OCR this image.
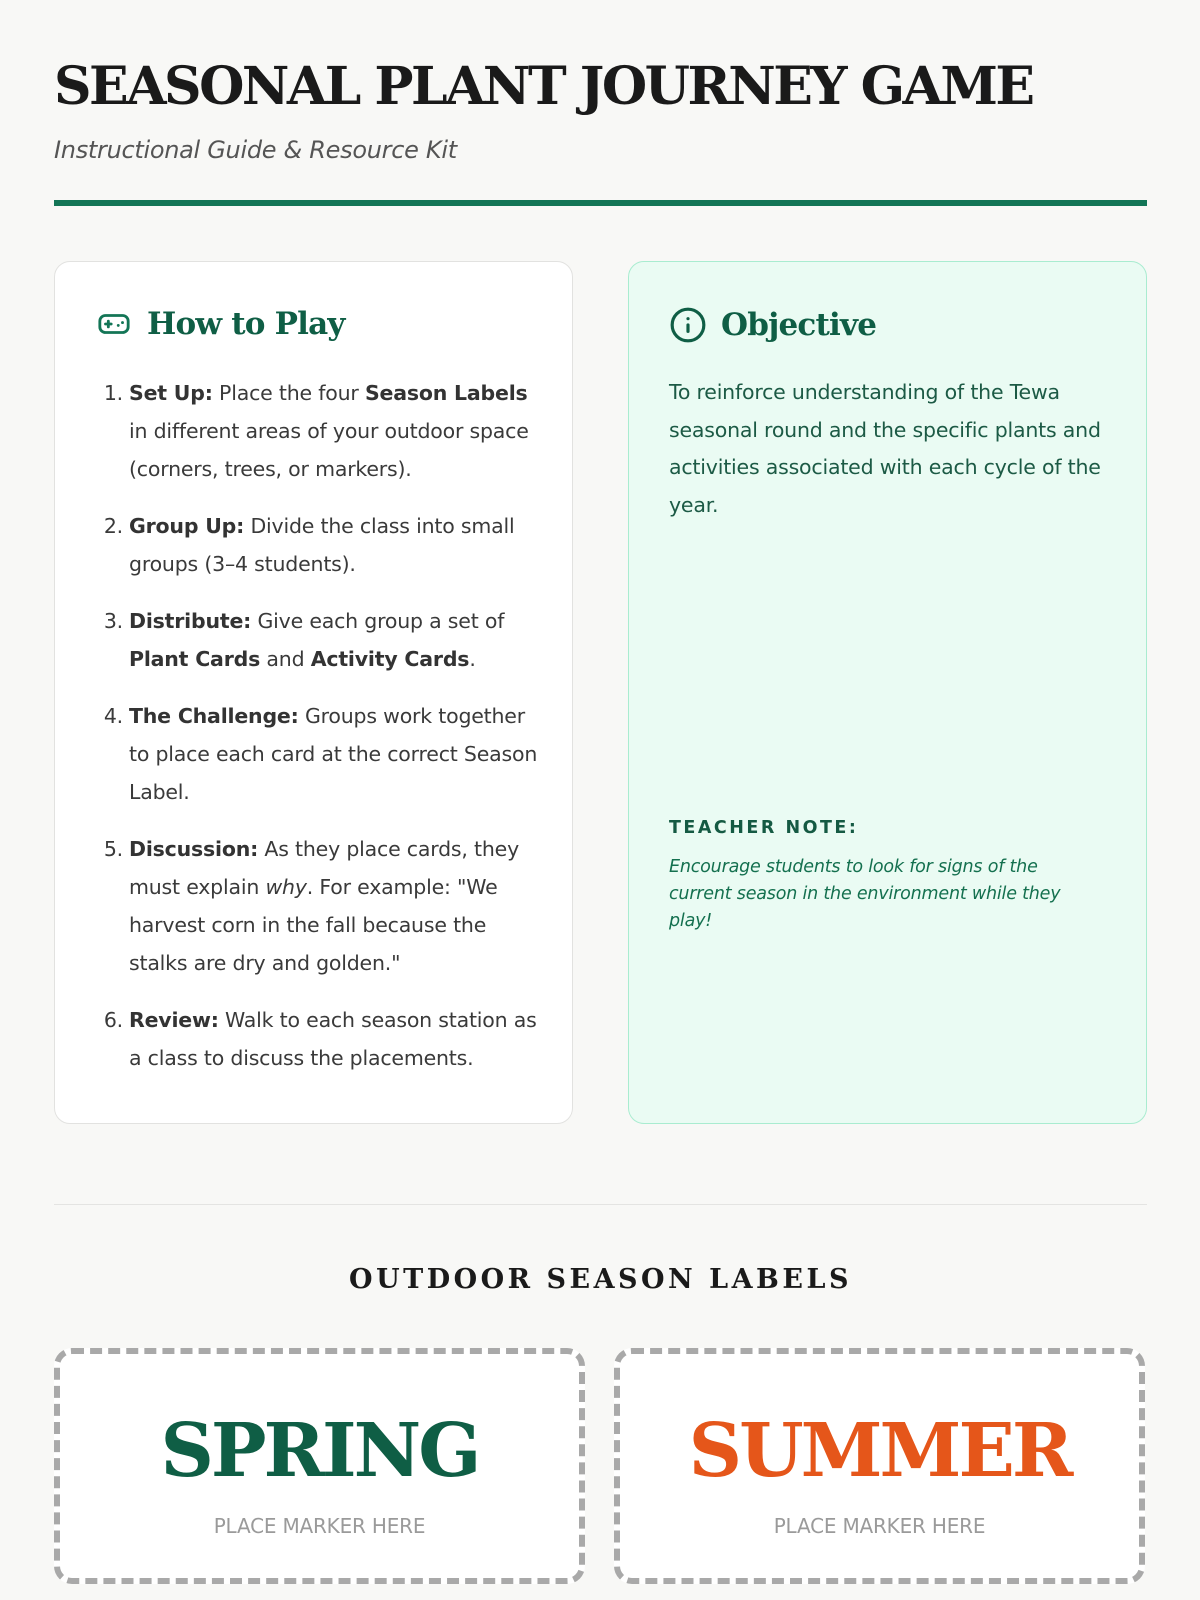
SEASONAL PLANT JOURNEY GAME
Instructional Guide & Resource Kit
How to Play
1 . Set Up: Place the four Season Labels in different areas of your outdoor space (corners, trees, or markers).
2 . Group Up: Divide the class into small groups (3–4 students).
3 . Distribute: Give each group a set of Plant Cards and Activity Cards.
4 . The Challenge: Groups work together to place each card at the correct Season Label.
5 . Discussion: As they place cards, they must explain why. For example: "We harvest corn in the fall because the stalks are dry and golden."
6 . Review: Walk to each season station as a class to discuss the placements.
Objective

To reinforce understanding of the Tewa seasonal round and the specific plants and activities associated with each cycle of the year.

TEACHER NOTE:

Encourage students to look for signs of the current season in the environment while they play!

OUTDOOR SEASON LABELS
SPRING
PLACE MARKER HERE
SUMMER
PLACE MARKER HERE
